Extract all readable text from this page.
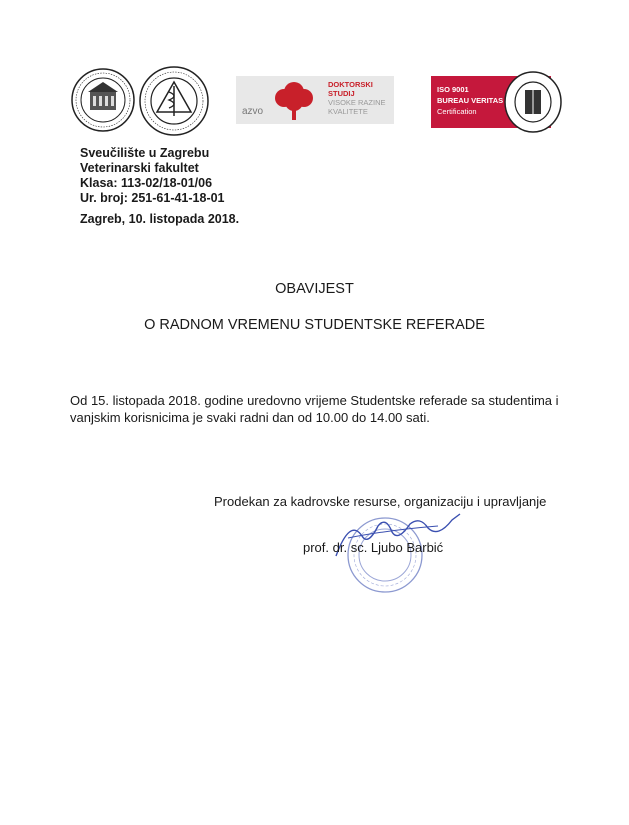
azvo
DOKTORSKI
STUDIJ
VISOKE RAZINE
KVALITETE
ISO 9001
BUREAU VERITAS
Certification
Sveučilište u Zagrebu
Veterinarski fakultet
Klasa: 113-02/18-01/06
Ur. broj: 251-61-41-18-01
Zagreb, 10. listopada 2018.
OBAVIJEST
O RADNOM VREMENU STUDENTSKE REFERADE
Od 15. listopada 2018. godine uredovno vrijeme Studentske referade sa studentima i vanjskim korisnicima je svaki radni dan od 10.00 do 14.00 sati.
Prodekan za kadrovske resurse, organizaciju i upravljanje
prof. dr. sc. Ljubo Barbić
